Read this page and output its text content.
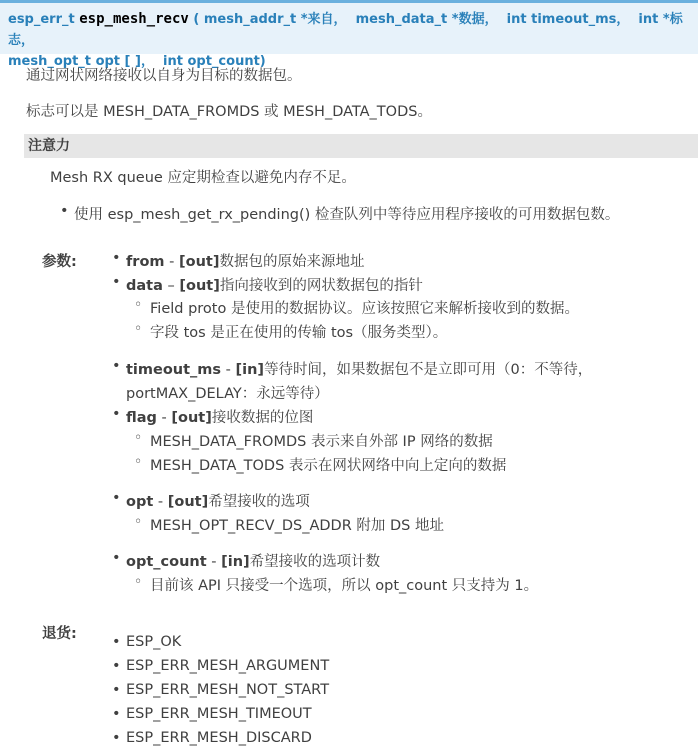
esp_err_t esp_mesh_recv ( mesh_addr_t *来自， mesh_data_t *数据， int timeout_ms， int *标志，
mesh_opt_t opt [ ]， int opt_count)
通过网状网络接收以自身为目标的数据包。
标志可以是 MESH_DATA_FROMDS 或 MESH_DATA_TODS。
注意力
Mesh RX queue 应定期检查以避免内存不足。
• 使用 esp_mesh_get_rx_pending() 检查队列中等待应用程序接收的可用数据包数。
参数:	• from - [out]数据包的原始来源地址
• data – [out]指向接收到的网状数据包的指针
◦ Field proto 是使用的数据协议。应该按照它来解析接收到的数据。
◦ 字段 tos 是正在使用的传输 tos（服务类型）。
• timeout_ms - [in]等待时间，如果数据包不是立即可用（0：不等待，
portMAX_DELAY：永远等待）
• flag - [out]接收数据的位图
◦ MESH_DATA_FROMDS 表示来自外部 IP 网络的数据
◦ MESH_DATA_TODS 表示在网状网络中向上定向的数据
• opt - [out]希望接收的选项
◦ MESH_OPT_RECV_DS_ADDR 附加 DS 地址
• opt_count - [in]希望接收的选项计数
◦ 目前该 API 只接受一个选项，所以 opt_count 只支持为 1。
退货:	• ESP_OK
• ESP_ERR_MESH_ARGUMENT
• ESP_ERR_MESH_NOT_START
• ESP_ERR_MESH_TIMEOUT
• ESP_ERR_MESH_DISCARD
